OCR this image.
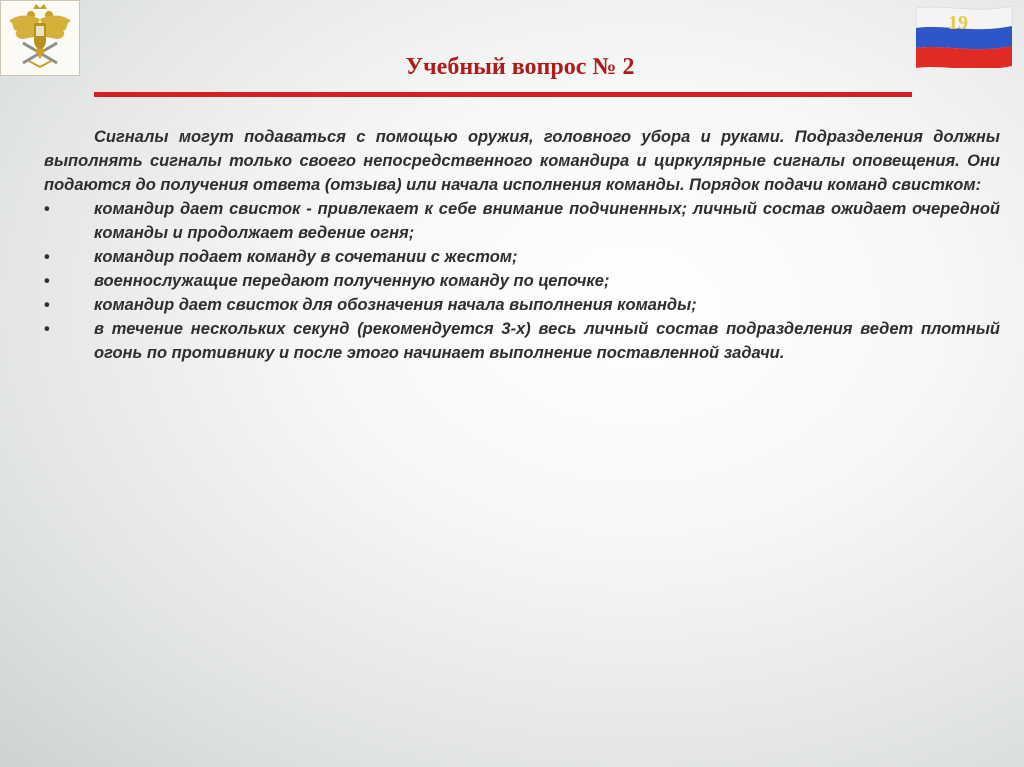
19
Учебный вопрос № 2

Сигналы могут подаваться с помощью оружия, головного убора и руками. Подразделения должны выполнять сигналы только своего непосредственного командира и циркулярные сигналы оповещения. Они подаются до получения ответа (отзыва) или начала исполнения команды. Порядок подачи команд свистком:

•	командир дает свисток - привлекает к себе внимание подчиненных; личный состав ожидает очередной команды и продолжает ведение огня;
•	командир подает команду в сочетании с жестом;
•	военнослужащие передают полученную команду по цепочке;
•	командир дает свисток для обозначения начала выполнения команды;
•	в течение нескольких секунд (рекомендуется 3-х) весь личный состав подразделения ведет плотный огонь по противнику и после этого начинает выполнение поставленной задачи.
